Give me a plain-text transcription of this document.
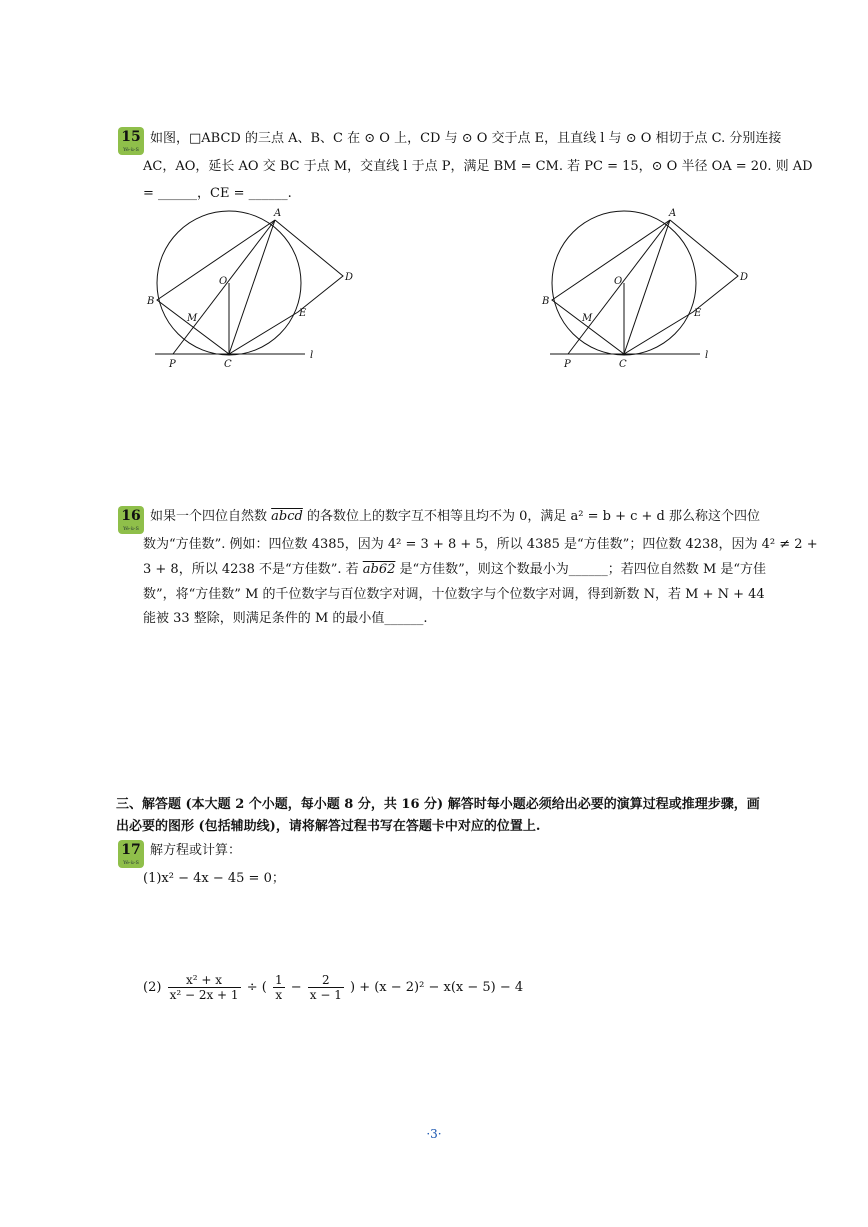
15
Yé-ù-S
如图，□ABCD 的三点 A、B、C 在 ⊙ O 上，CD 与 ⊙ O 交于点 E，且直线 l 与 ⊙ O 相切于点 C. 分别连接
AC，AO，延长 AO 交 BC 于点 M，交直线 l 于点 P，满足 BM = CM. 若 PC = 15，⊙ O 半径 OA = 20. 则 AD
= ______，CE = ______.
A
B
C
D
E
O
M
P
l
A
B
C
D
E
O
M
P
l
16
Yé-ù-S
如果一个四位自然数 abcd 的各数位上的数字互不相等且均不为 0，满足 a² = b + c + d 那么称这个四位
数为“方佳数”. 例如：四位数 4385，因为 4² = 3 + 8 + 5，所以 4385 是“方佳数”；四位数 4238，因为 4² ≠ 2 +
3 + 8，所以 4238 不是“方佳数”. 若 ab62 是“方佳数”，则这个数最小为______；若四位自然数 M 是“方佳
数”，将“方佳数” M 的千位数字与百位数字对调，十位数字与个位数字对调，得到新数 N，若 M + N + 44
能被 33 整除，则满足条件的 M 的最小值______.
三、解答题 (本大题 2 个小题，每小题 8 分，共 16 分) 解答时每小题必须给出必要的演算过程或推理步骤，画
出必要的图形 (包括辅助线)，请将解答过程书写在答题卡中对应的位置上.
17
Yé-ù-S
解方程或计算：
(1)x² − 4x − 45 = 0；
$(2) \frac{\text{x² + x}}{\text{x² − 2x + 1}}$ ÷ ( $\frac{1}{x} - \frac{2}{x - 1}$ ) + (x − 2)² − x(x − 5) − 4
·3·
